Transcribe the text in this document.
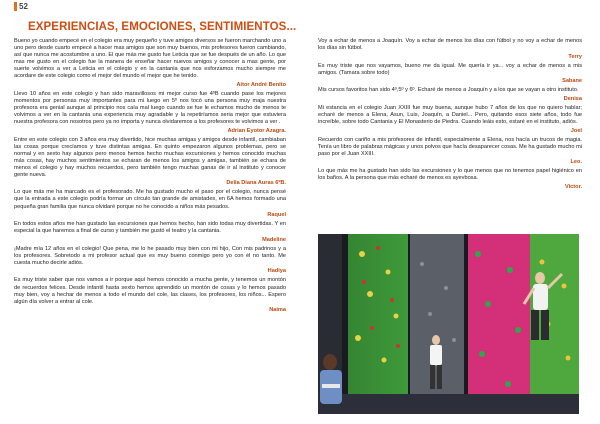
52
EXPERIENCIAS, EMOCIONES, SENTIMIENTOS...

Bueno yo cuando empecé en el colegio era muy pequeño y tuve amigos diversos se fueron marchando uno a uno pero desde cuarto empecé a hacer mas amigos que son muy buenos, mis profesores fueron cambiando, así que nunca me acostumbre a uno. El que más me gusto fue Leticia que se fue después de un año. Lo que mas me gusto en el colegio fue la manera de enseñar hacer nuevos amigos y conocer a mas gente, por suerte volvimos a ver a Leticia en el colegio y en la cantania que nos esforzamos mucho siempre me acordare de este colegio como el mejor del mundo el mejor que he tenido.

Aitor André Benito

Llevo 10 años en este colegio y han sido maravillosos mi mejor curso fue 4ºB cuando pase los mejores momentos por personas muy importantes para mi luego en 5º nos tocó una persona muy maja nuestra profesora era genial aunque al principio nos caía mal luego cuando se fue le echamos mucho de menos te volvimos a ver en la cantania una experiencia muy agradable y la repetiríamos seria mejor que estuviera nuestra profesora con nosotros pero ya no importa y nunca olvidaremos a los profesores te volvimos a ver .

Adrian Eyotor Azagra.

Entre en este colegio con 3 años era muy divertido, hice muchas amigas y amigos desde infantil, cambiaban las cosas porque crecíamos y tuve distintas amigas. En quinto empezaron algunos problemas, pero se normal y en sexto hay algunos pero menos hemos hecho muchas excursiones y hemos conocido muchas más cosas, hay muchos sentimientos se echaran de menos los amigos y amigas, también se echara de menos el colegio y hay muchos recuerdos, pero también tengo muchas ganas de ir al instituto y conocer gente nueva.

Delia Diana Auras 6ºB.

Lo que más me ha marcado es el profesorado. Me ha gustado mucho el paso por el colegio, nunca pensé que la entrada a este colegio podría formar un círculo tan grande de amistades, en 6A hemos formado una pequeña gran familia que nunca olvidaré porque no he conocido a niños más pesados.

Raquel

En todos estos años me han gustado las excursiones que hemos hecho, han sido todas muy divertidas. Y en especial la que haremos a final de curso y también me gustó el teatro y la cantania.

Madeline

¡Madre mía 12 años en el colegio! Que pena, me lo he pasado muy bien con mi hijo, Con mis padrinos y a los profesores. Sobretodo a mi profesor actual que es muy bueno conmigo pero yo con él no tanto. Me cuesta mucho decirle adiós.

Hadiya

Es muy triste saber que nos vamos a ir porque aquí hemos conocido a mucha gente, y tenemos un montón de recuerdos felices. Desde infantil hasta sexto hemos aprendido un montón de cosas y lo hemos pasado muy bien, voy a hechar de menos a todo el mundo del cole, las clases, los profesores, los niños... Espero algún día volver a entrar al cole.

Naima

Voy a echar de menos a Joaquín. Voy a echar de menos los días con fútbol y no voy a echar de menos los días sin fútbol.

Terry

Es muy triste que nos vayamos, bueno me da igual. Me quería ir ya... voy a echar de menos a mis amigos. (Tamara sobre todo)

Sabane

Mis cursos favoritos han sido 4º,5º y 6º. Echaré de menos a Joaquín y a los que se vayan a otro instituto.

Denisa

Mi estancia en el colegio Juan XXIII fue muy buena, aunque hubo 7 años de los que no quiero hablar; echaré de menos a Elena, Asun, Luis, Joaquín, a Daniel... Pero, quitando esos siete años, todo fue increíble, sobre todo Cantania y El Monasterio de Piedra. Cuando leáis esto, estaré en el instituto, adiós.

Joel

Recuerdo con cariño a mis profesores de infantil, especialmente a Elena, nos hacía un trucos de magia. Tenía un libro de palabras mágicas y unos polvos que hacía desaparecer cosas. Me ha gustado mucho mi paso por el Juan XXIII.

Leo.

Lo que más me ha gustado han sido las excursiones y lo que menos que no tenemos papel higiénico en los baños. A la persona que más echaré de menos es ayevbosa.

Victor.
